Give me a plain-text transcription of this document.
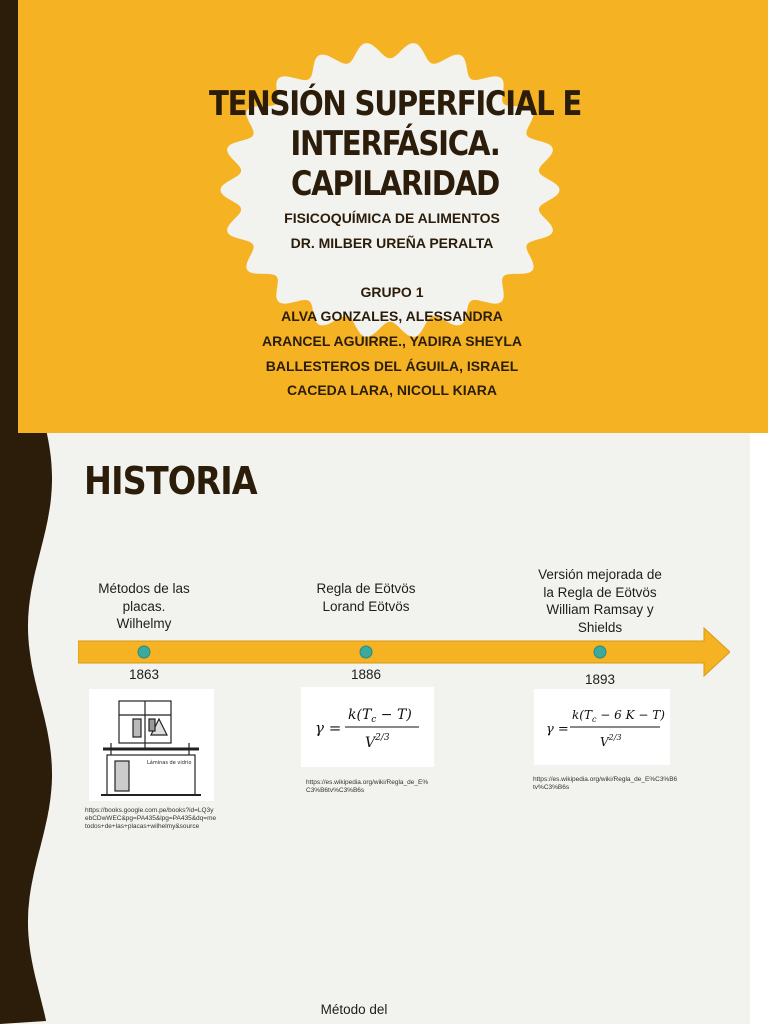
TENSIÓN SUPERFICIAL E INTERFÁSICA.
CAPILARIDAD
FISICOQUÍMICA DE ALIMENTOS
DR. MILBER UREÑA PERALTA
GRUPO 1
ALVA GONZALES, ALESSANDRA
ARANCEL AGUIRRE., YADIRA SHEYLA
BALLESTEROS DEL ÁGUILA, ISRAEL
CACEDA LARA, NICOLL KIARA
HISTORIA
Métodos de las
placas.
Wilhelmy
1863
Láminas de vidrio
https://books.google.com.pe/books?id=LQ3yebCDwWEC&pg=PA435&lpg=PA435&dq=metodos+de+las+placas+wilhelmy&source
Regla de Eötvös
Lorand Eötvös
1886
γ =
$k(T_c - T)$
$V^{2/3}$
https://es.wikipedia.org/wiki/Regla_de_E%C3%B6tv%C3%B6s
Versión mejorada de
la Regla de Eötvös
William Ramsay y
Shields
1893
γ =
$k(T_c - 6$ K − T)
$V^{2/3}$
https://es.wikipedia.org/wiki/Regla_de_E%C3%B6tv%C3%B6s
Método del
